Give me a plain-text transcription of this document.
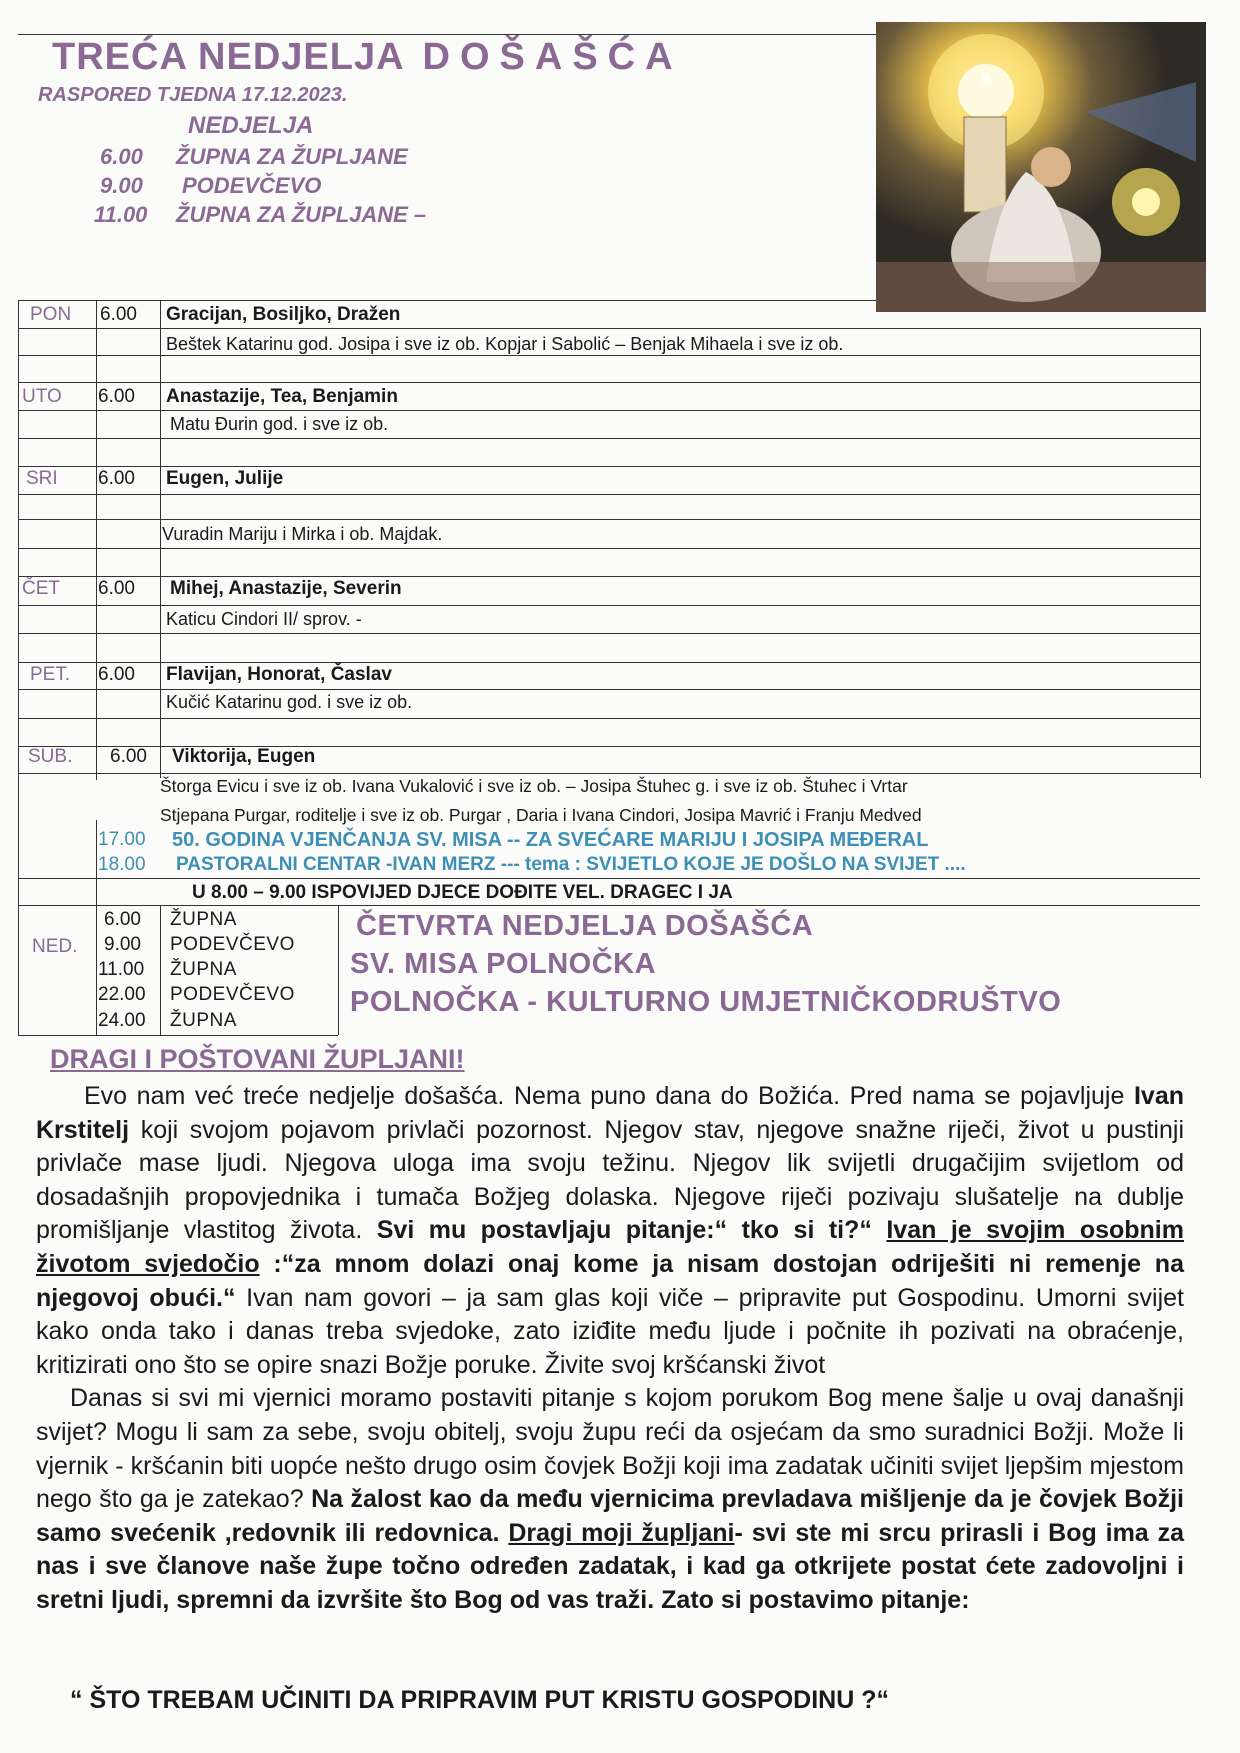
TREĆA NEDJELJA DOŠAŠĆA
RASPORED TJEDNA 17.12.2023.
NEDJELJA
6.00 ŽUPNA ZA ŽUPLJANE
9.00 PODEVČEVO
11.00 ŽUPNA ZA ŽUPLJANE –
PON 6.00 Gracijan, Bosiljko, Dražen
Beštek Katarinu god. Josipa i sve iz ob. Kopjar i Sabolić – Benjak Mihaela i sve iz ob.
UTO 6.00 Anastazije, Tea, Benjamin
Matu Đurin god. i sve iz ob.
SRI 6.00 Eugen, Julije
Vuradin Mariju i Mirka i ob. Majdak.
ČET 6.00 Mihej, Anastazije, Severin
Katicu Cindori II/ sprov. -
PET. 6.00 Flavijan, Honorat, Časlav
Kučić Katarinu god. i sve iz ob.
SUB. 6.00 Viktorija, Eugen
Štorga Evicu i sve iz ob. Ivana Vukalović i sve iz ob. – Josipa Štuhec g. i sve iz ob. Štuhec i Vrtar
Stjepana Purgar, roditelje i sve iz ob. Purgar , Daria i Ivana Cindori, Josipa Mavrić i Franju Medved
17.00 50. GODINA VJENČANJA SV. MISA -- ZA SVEĆARE MARIJU I JOSIPA MEĐERAL
18.00 PASTORALNI CENTAR -IVAN MERZ --- tema : SVIJETLO KOJE JE DOŠLO NA SVIJET ....
U 8.00 – 9.00 ISPOVIJED DJECE DOĐITE VEL. DRAGEC I JA
NED.
6.00 ŽUPNA
9.00 PODEVČEVO
11.00 ŽUPNA
22.00 PODEVČEVO
24.00 ŽUPNA
ČETVRTA NEDJELJA DOŠAŠĆA
SV. MISA POLNOČKA
POLNOČKA - KULTURNO UMJETNIČKODRUŠTVO
DRAGI I POŠTOVANI ŽUPLJANI!

Evo nam već treće nedjelje došašća. Nema puno dana do Božića. Pred nama se pojavljuje Ivan Krstitelj koji svojom pojavom privlači pozornost. Njegov stav, njegove snažne riječi, život u pustinji privlače mase ljudi. Njegova uloga ima svoju težinu. Njegov lik svijetli drugačijim svijetlom od dosadašnjih propovjednika i tumača Božjeg dolaska. Njegove riječi pozivaju slušatelje na dublje promišljanje vlastitog života. Svi mu postavljaju pitanje:“ tko si ti?“ Ivan je svojim osobnim životom svjedočio :“za mnom dolazi onaj kome ja nisam dostojan odriješiti ni remenje na njegovoj obući.“ Ivan nam govori – ja sam glas koji viče – pripravite put Gospodinu. Umorni svijet kako onda tako i danas treba svjedoke, zato iziđite među ljude i počnite ih pozivati na obraćenje, kritizirati ono što se opire snazi Božje poruke. Živite svoj kršćanski život

Danas si svi mi vjernici moramo postaviti pitanje s kojom porukom Bog mene šalje u ovaj današnji svijet? Mogu li sam za sebe, svoju obitelj, svoju župu reći da osjećam da smo suradnici Božji. Može li vjernik - kršćanin biti uopće nešto drugo osim čovjek Božji koji ima zadatak učiniti svijet ljepšim mjestom nego što ga je zatekao? Na žalost kao da među vjernicima prevladava mišljenje da je čovjek Božji samo svećenik ,redovnik ili redovnica. Dragi moji župljani- svi ste mi srcu prirasli i Bog ima za nas i sve članove naše župe točno određen zadatak, i kad ga otkrijete postat ćete zadovoljni i sretni ljudi, spremni da izvršite što Bog od vas traži. Zato si postavimo pitanje:

“ ŠTO TREBAM UČINITI DA PRIPRAVIM PUT KRISTU GOSPODINU ?“
